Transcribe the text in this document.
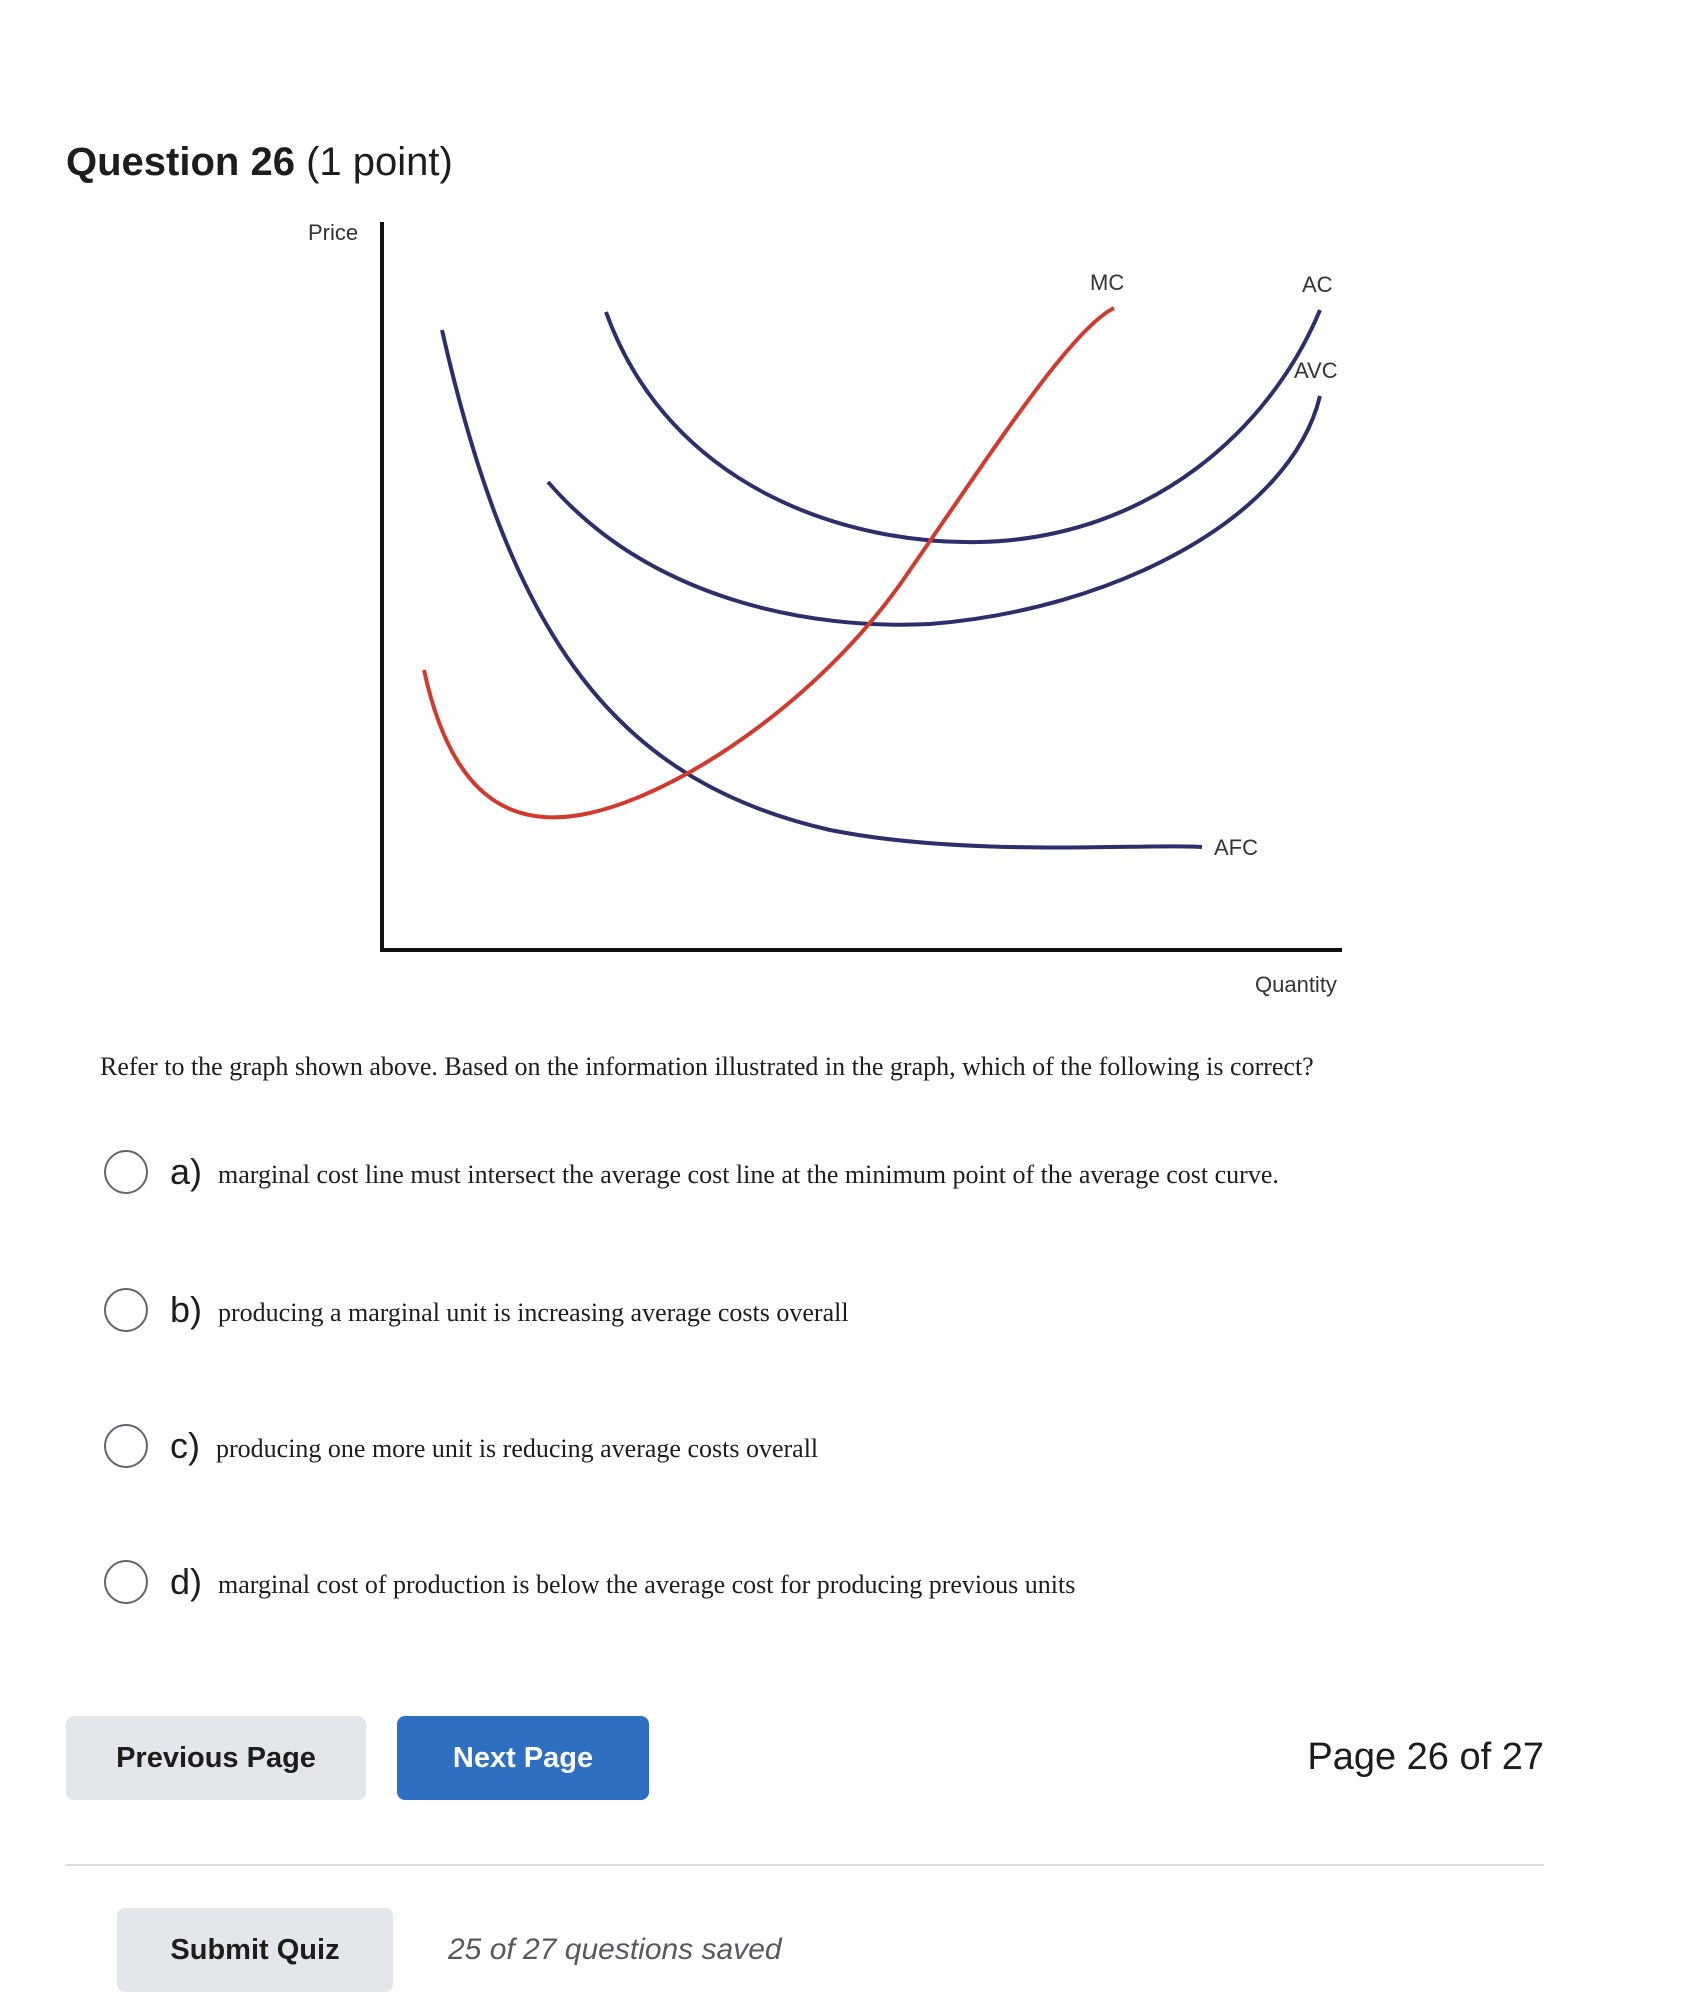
Question 26 (1 point)
Price
Quantity
MC	AC
AVC
AFC
Refer to the graph shown above. Based on the information illustrated in the graph, which of the following is correct?
a) marginal cost line must intersect the average cost line at the minimum point of the average cost curve.
b) producing a marginal unit is increasing average costs overall
c) producing one more unit is reducing average costs overall
d) marginal cost of production is below the average cost for producing previous units
Previous Page	Next Page	Page 26 of 27
Submit Quiz	25 of 27 questions saved
